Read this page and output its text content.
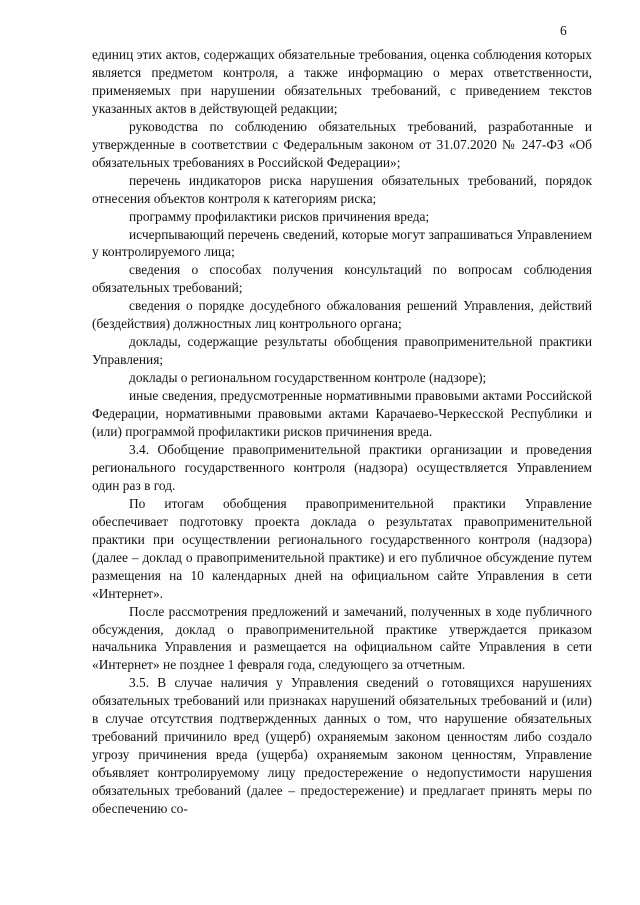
6

единиц этих актов, содержащих обязательные требования, оценка соблюдения которых является предметом контроля, а также информацию о мерах ответственности, применяемых при нарушении обязательных требований, с приведением текстов указанных актов в действующей редакции;

руководства по соблюдению обязательных требований, разработанные и утвержденные в соответствии с Федеральным законом от 31.07.2020 № 247-ФЗ «Об обязательных требованиях в Российской Федерации»;

перечень индикаторов риска нарушения обязательных требований, порядок отнесения объектов контроля к категориям риска;

программу профилактики рисков причинения вреда;

исчерпывающий перечень сведений, которые могут запрашиваться Управлением у контролируемого лица;

сведения о способах получения консультаций по вопросам соблюдения обязательных требований;

сведения о порядке досудебного обжалования решений Управления, действий (бездействия) должностных лиц контрольного органа;

доклады, содержащие результаты обобщения правоприменительной практики Управления;

доклады о региональном государственном контроле (надзоре);

иные сведения, предусмотренные нормативными правовыми актами Российской Федерации, нормативными правовыми актами Карачаево-Черкесской Республики и (или) программой профилактики рисков причинения вреда.

3.4. Обобщение правоприменительной практики организации и проведения регионального государственного контроля (надзора) осуществляется Управлением один раз в год.

По итогам обобщения правоприменительной практики Управление обеспечивает подготовку проекта доклада о результатах правоприменительной практики при осуществлении регионального государственного контроля (надзора) (далее – доклад о правоприменительной практике) и его публичное обсуждение путем размещения на 10 календарных дней на официальном сайте Управления в сети «Интернет».

После рассмотрения предложений и замечаний, полученных в ходе публичного обсуждения, доклад о правоприменительной практике утверждается приказом начальника Управления и размещается на официальном сайте Управления в сети «Интернет» не позднее 1 февраля года, следующего за отчетным.

3.5. В случае наличия у Управления сведений о готовящихся нарушениях обязательных требований или признаках нарушений обязательных требований и (или) в случае отсутствия подтвержденных данных о том, что нарушение обязательных требований причинило вред (ущерб) охраняемым законом ценностям либо создало угрозу причинения вреда (ущерба) охраняемым законом ценностям, Управление объявляет контролируемому лицу предостережение о недопустимости нарушения обязательных требований (далее – предостережение) и предлагает принять меры по обеспечению со-
